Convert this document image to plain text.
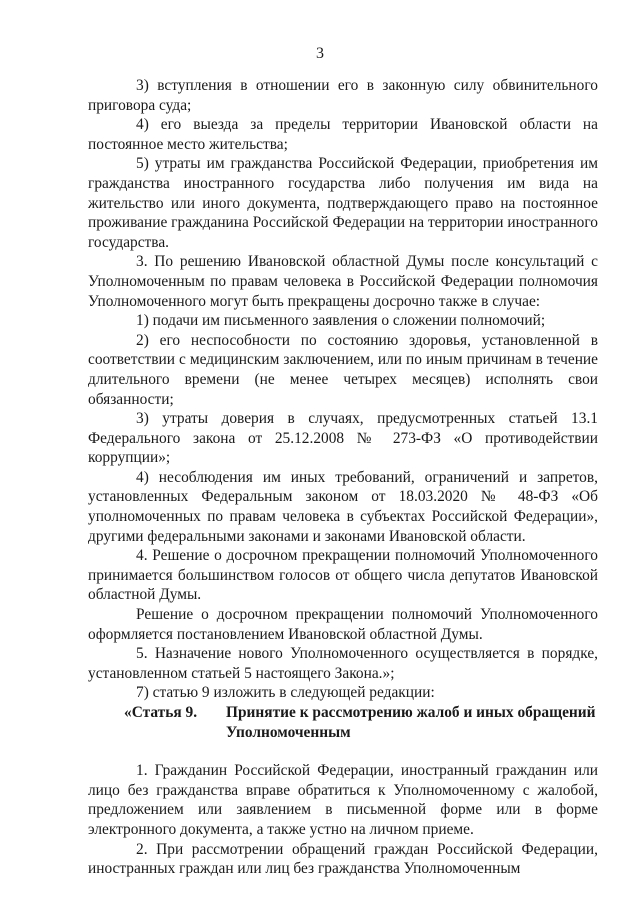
3

3) вступления в отношении его в законную силу обвинительного приговора суда;

4) его выезда за пределы территории Ивановской области на постоянное место жительства;

5) утраты им гражданства Российской Федерации, приобретения им гражданства иностранного государства либо получения им вида на жительство или иного документа, подтверждающего право на постоянное проживание гражданина Российской Федерации на территории иностранного государства.

3. По решению Ивановской областной Думы после консультаций с Уполномоченным по правам человека в Российской Федерации полномочия Уполномоченного могут быть прекращены досрочно также в случае:

1) подачи им письменного заявления о сложении полномочий;

2) его неспособности по состоянию здоровья, установленной в соответствии с медицинским заключением, или по иным причинам в течение длительного времени (не менее четырех месяцев) исполнять свои обязанности;

3) утраты доверия в случаях, предусмотренных статьей 13.1 Федерального закона от 25.12.2008 № 273-ФЗ «О противодействии коррупции»;

4) несоблюдения им иных требований, ограничений и запретов, установленных Федеральным законом от 18.03.2020 № 48-ФЗ «Об уполномоченных по правам человека в субъектах Российской Федерации», другими федеральными законами и законами Ивановской области.

4. Решение о досрочном прекращении полномочий Уполномоченного принимается большинством голосов от общего числа депутатов Ивановской областной Думы.

Решение о досрочном прекращении полномочий Уполномоченного оформляется постановлением Ивановской областной Думы.

5. Назначение нового Уполномоченного осуществляется в порядке, установленном статьей 5 настоящего Закона.»;

7) статью 9 изложить в следующей редакции:

«Статья 9.	Принятие к рассмотрению жалоб и иных обращений Уполномоченным

1. Гражданин Российской Федерации, иностранный гражданин или лицо без гражданства вправе обратиться к Уполномоченному с жалобой, предложением или заявлением в письменной форме или в форме электронного документа, а также устно на личном приеме.

2. При рассмотрении обращений граждан Российской Федерации, иностранных граждан или лиц без гражданства Уполномоченным
